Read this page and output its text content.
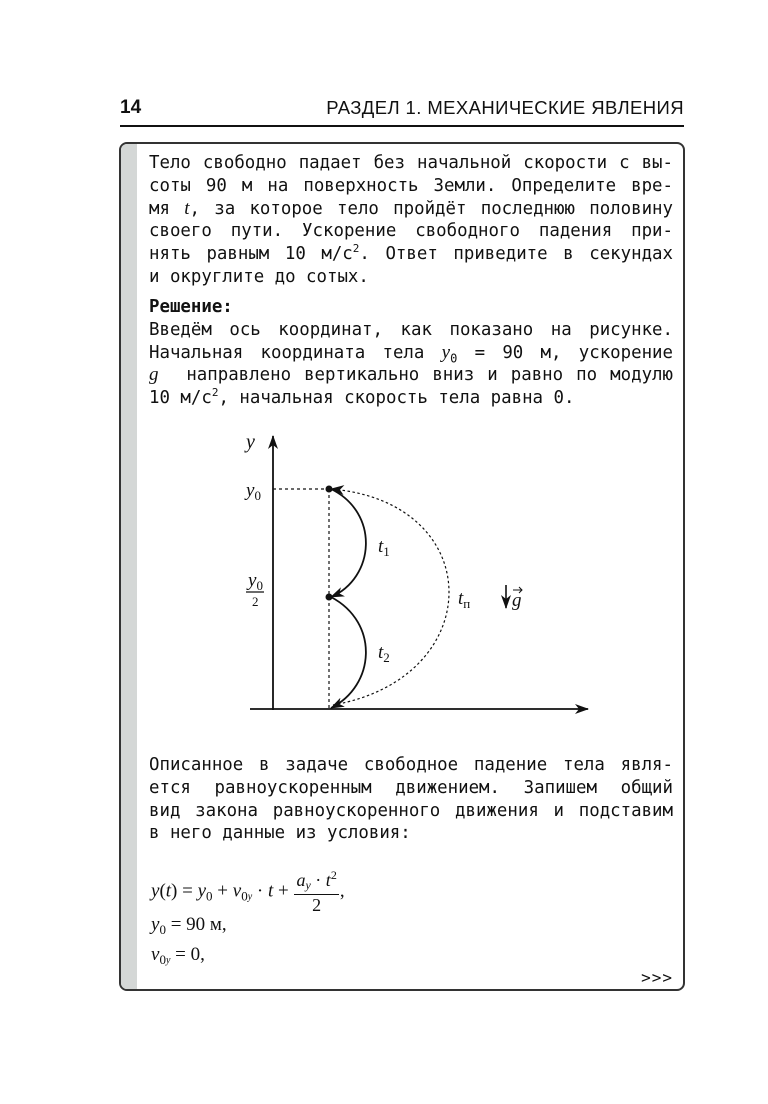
14	РАЗДЕЛ 1. МЕХАНИЧЕСКИЕ ЯВЛЕНИЯ
Тело свободно падает без начальной скорости с вы-
соты 90 м на поверхность Земли. Определите вре-
мя t, за которое тело пройдёт последнюю половину
своего пути. Ускорение свободного падения при-
нять равным 10 $м/с^2$. Ответ приведите в секундах
и округлите до сотых.
Решение:
Введём ось координат, как показано на рисунке.
Начальная координата тела $y_0 = 90$ м, ускорение
g⃗ направлено вертикально вниз и равно по модулю
10 $м/с^2$, начальная скорость тела равна 0.
y
$y_0$
$y_0$
2
$t_1$
$t_2$
$t_п$ g
Описанное в задаче свободное падение тела явля-
ется равноускоренным движением. Запишем общий
вид закона равноускоренного движения и подставим
в него данные из условия:
$y(t) = y_0 + v_0y \cdot t + \frac{ay \cdot t^2}{2}$ ,
$y_0 = 90$ м,
$v_0y = 0$,
>>>
